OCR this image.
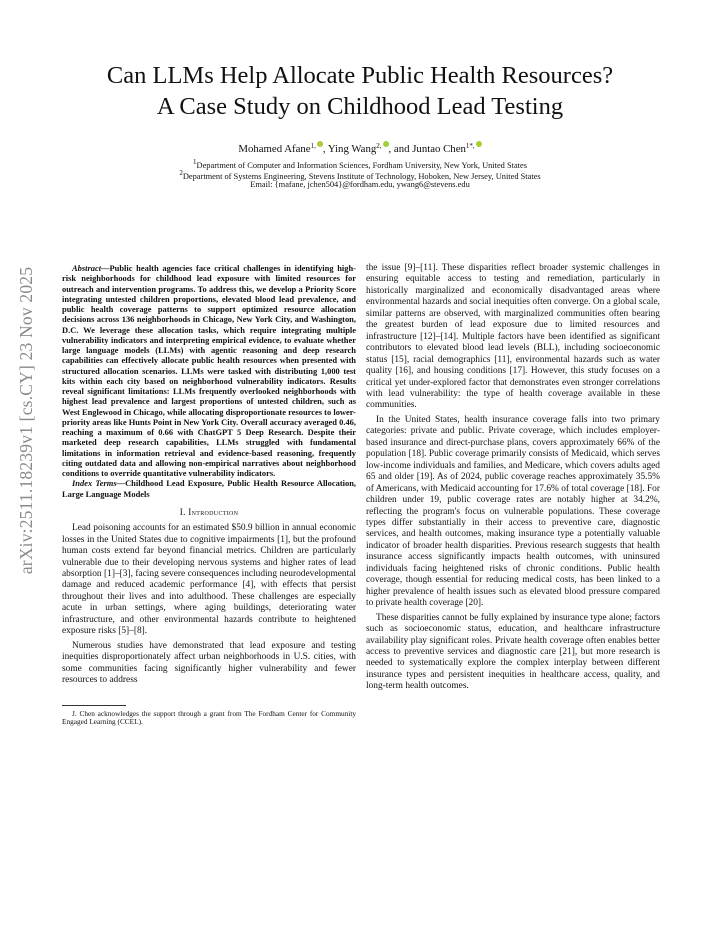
arXiv:2511.18239v1 [cs.CY] 23 Nov 2025
Can LLMs Help Allocate Public Health Resources?
A Case Study on Childhood Lead Testing
Mohamed Afane$^{1,}$ , Ying Wang$^{2,}$ , and Juntao Chen$^{1*,}$
$^1$Department of Computer and Information Sciences, Fordham University, New York, United States
$^2$Department of Systems Engineering, Stevens Institute of Technology, Hoboken, New Jersey, United States
Email: {mafane, jchen504}@fordham.edu, ywang6@stevens.edu

Abstract—Public health agencies face critical challenges in identifying high-risk neighborhoods for childhood lead exposure with limited resources for outreach and intervention programs. To address this, we develop a Priority Score integrating untested children proportions, elevated blood lead prevalence, and public health coverage patterns to support optimized resource allocation decisions across 136 neighborhoods in Chicago, New York City, and Washington, D.C. We leverage these allocation tasks, which require integrating multiple vulnerability indicators and interpreting empirical evidence, to evaluate whether large language models (LLMs) with agentic reasoning and deep research capabilities can effectively allocate public health resources when presented with structured allocation scenarios. LLMs were tasked with distributing 1,000 test kits within each city based on neighborhood vulnerability indicators. Results reveal significant limitations: LLMs frequently overlooked neighborhoods with highest lead prevalence and largest proportions of untested children, such as West Englewood in Chicago, while allocating disproportionate resources to lower-priority areas like Hunts Point in New York City. Overall accuracy averaged 0.46, reaching a maximum of 0.66 with ChatGPT 5 Deep Research. Despite their marketed deep research capabilities, LLMs struggled with fundamental limitations in information retrieval and evidence-based reasoning, frequently citing outdated data and allowing non-empirical narratives about neighborhood conditions to override quantitative vulnerability indicators.

Index Terms—Childhood Lead Exposure, Public Health Resource Allocation, Large Language Models

I. Introduction

Lead poisoning accounts for an estimated $50.9 billion in annual economic losses in the United States due to cognitive impairments [1], but the profound human costs extend far beyond financial metrics. Children are particularly vulnerable due to their developing nervous systems and higher rates of lead absorption [1]–[3], facing severe consequences including neurodevelopmental damage and reduced academic performance [4], with effects that persist throughout their lives and into adulthood. These challenges are especially acute in urban settings, where aging buildings, deteriorating water infrastructure, and other environmental hazards contribute to heightened exposure risks [5]–[8].

Numerous studies have demonstrated that lead exposure and testing inequities disproportionately affect urban neighborhoods in U.S. cities, with some communities facing significantly higher vulnerability and fewer resources to address

J. Chen acknowledges the support through a grant from The Fordham Center for Community Engaged Learning (CCEL).

the issue [9]–[11]. These disparities reflect broader systemic challenges in ensuring equitable access to testing and remediation, particularly in historically marginalized and economically disadvantaged areas where environmental hazards and social inequities often converge. On a global scale, similar patterns are observed, with marginalized communities often bearing the greatest burden of lead exposure due to limited resources and infrastructure [12]–[14]. Multiple factors have been identified as significant contributors to elevated blood lead levels (BLL), including socioeconomic status [15], racial demographics [11], environmental hazards such as water quality [16], and housing conditions [17]. However, this study focuses on a critical yet under-explored factor that demonstrates even stronger correlations with lead vulnerability: the type of health coverage available in these communities.

In the United States, health insurance coverage falls into two primary categories: private and public. Private coverage, which includes employer-based insurance and direct-purchase plans, covers approximately 66% of the population [18]. Public coverage primarily consists of Medicaid, which serves low-income individuals and families, and Medicare, which covers adults aged 65 and older [19]. As of 2024, public coverage reaches approximately 35.5% of Americans, with Medicaid accounting for 17.6% of total coverage [18]. For children under 19, public coverage rates are notably higher at 34.2%, reflecting the program's focus on vulnerable populations. These coverage types differ substantially in their access to preventive care, diagnostic services, and health outcomes, making insurance type a potentially valuable indicator of broader health disparities. Previous research suggests that health insurance access significantly impacts health outcomes, with uninsured individuals facing heightened risks of chronic conditions. Public health coverage, though essential for reducing medical costs, has been linked to a higher prevalence of health issues such as elevated blood pressure compared to private health coverage [20].

These disparities cannot be fully explained by insurance type alone; factors such as socioeconomic status, education, and healthcare infrastructure availability play significant roles. Private health coverage often enables better access to preventive services and diagnostic care [21], but more research is needed to systematically explore the complex interplay between different insurance types and persistent inequities in healthcare access, quality, and long-term health outcomes.
